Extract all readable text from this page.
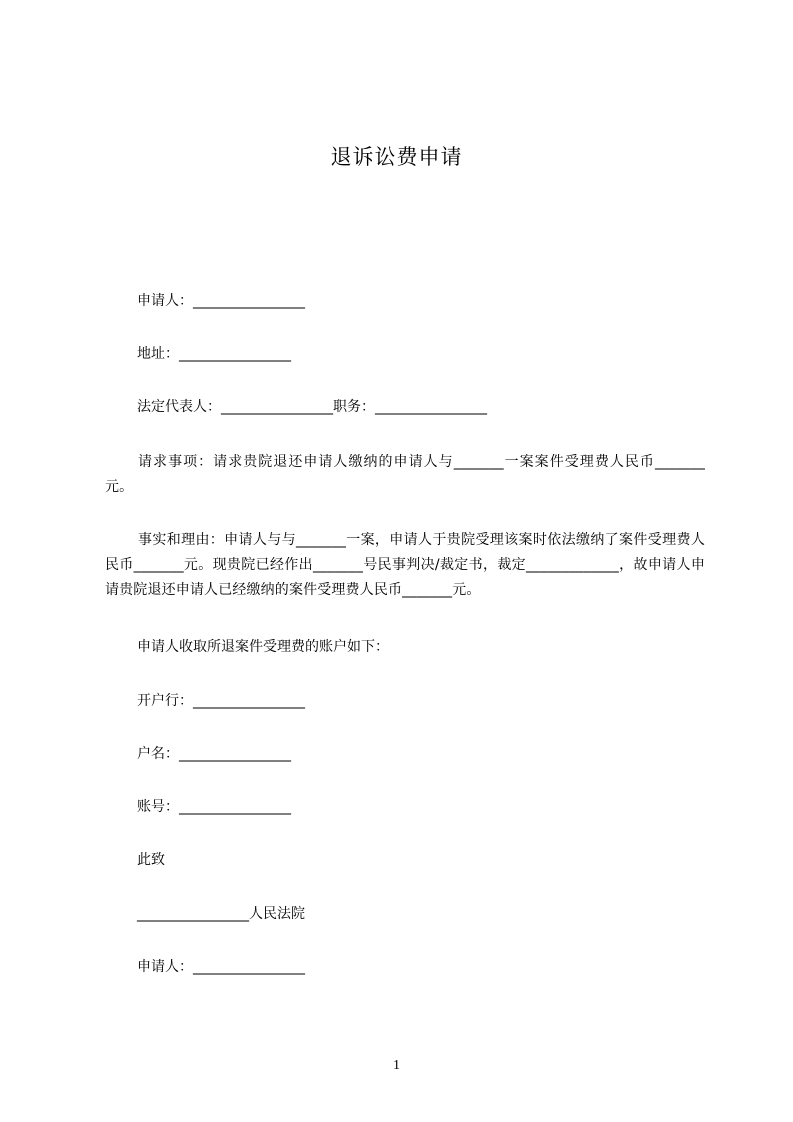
退诉讼费申请
申请人：________________
地址：________________
法定代表人：________________职务：________________
请求事项：请求贵院退还申请人缴纳的申请人与_______一案案件受理费人民币_______元。
事实和理由：申请人与与_______一案，申请人于贵院受理该案时依法缴纳了案件受理费人民币_______元。现贵院已经作出_______号民事判决/裁定书，裁定_____________，故申请人申请贵院退还申请人已经缴纳的案件受理费人民币_______元。
申请人收取所退案件受理费的账户如下：
开户行：________________
户名：________________
账号：________________
此致
________________人民法院
申请人：________________
1
